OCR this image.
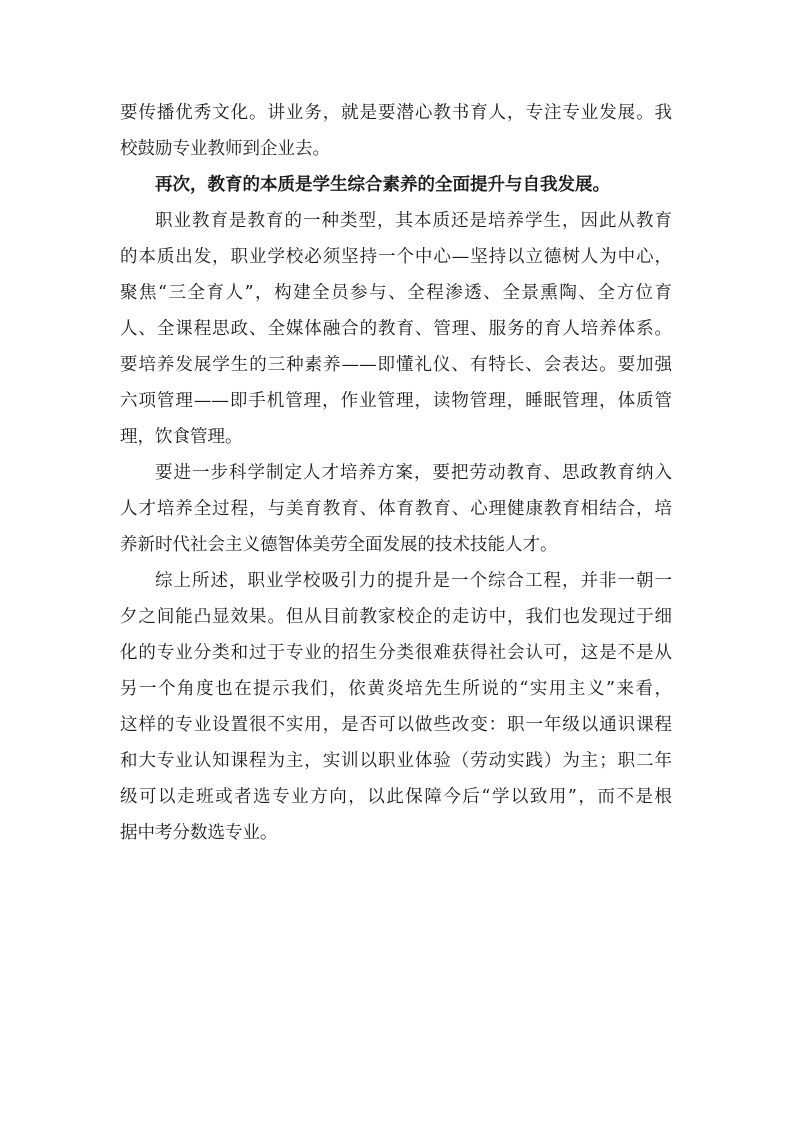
要传播优秀文化。讲业务，就是要潜心教书育人，专注专业发展。我
校鼓励专业教师到企业去。
再次，教育的本质是学生综合素养的全面提升与自我发展。
职业教育是教育的一种类型，其本质还是培养学生，因此从教育
的本质出发，职业学校必须坚持一个中心—坚持以立德树人为中心，
聚焦“三全育人”，构建全员参与、全程渗透、全景熏陶、全方位育
人、全课程思政、全媒体融合的教育、管理、服务的育人培养体系。
要培养发展学生的三种素养——即懂礼仪、有特长、会表达。要加强
六项管理——即手机管理，作业管理，读物管理，睡眠管理，体质管
理，饮食管理。
要进一步科学制定人才培养方案，要把劳动教育、思政教育纳入
人才培养全过程，与美育教育、体育教育、心理健康教育相结合，培
养新时代社会主义德智体美劳全面发展的技术技能人才。
综上所述，职业学校吸引力的提升是一个综合工程，并非一朝一
夕之间能凸显效果。但从目前教家校企的走访中，我们也发现过于细
化的专业分类和过于专业的招生分类很难获得社会认可，这是不是从
另一个角度也在提示我们，依黄炎培先生所说的“实用主义”来看，
这样的专业设置很不实用，是否可以做些改变：职一年级以通识课程
和大专业认知课程为主，实训以职业体验（劳动实践）为主；职二年
级可以走班或者选专业方向，以此保障今后“学以致用”，而不是根
据中考分数选专业。
